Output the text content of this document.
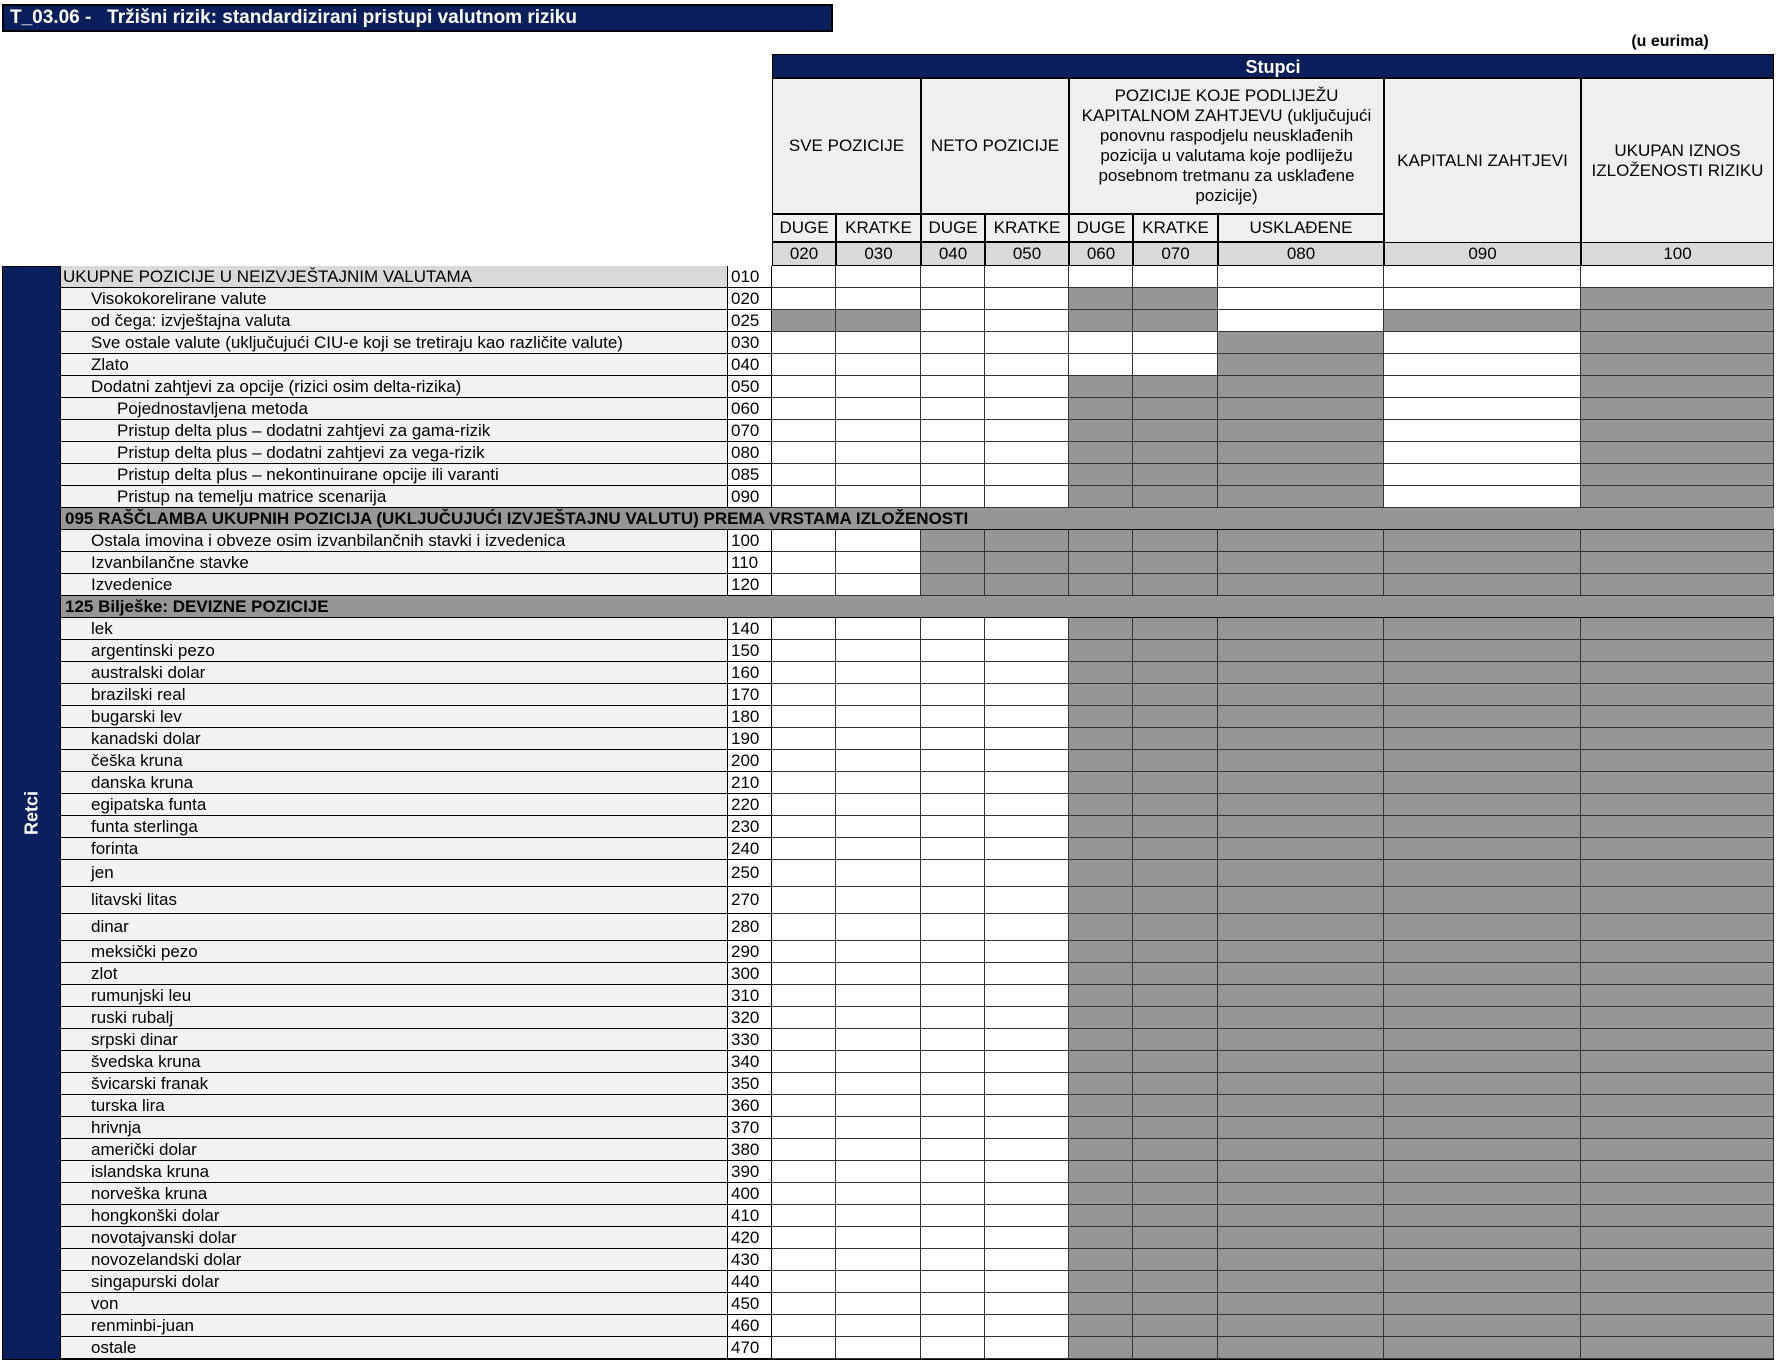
T_03.06 -   Tržišni rizik: standardizirani pristupi valutnom riziku
(u eurima)
Stupci
Retci
SVE POZICIJE	NETO POZICIJE
POZICIJE KOJE PODLIJEŽU KAPITALNOM ZAHTJEVU (uključujući ponovnu raspodjelu neusklađenih pozicija u valutama koje podliježu posebnom tretmanu za usklađene pozicije)
KAPITALNI ZAHTJEVI
UKUPAN IZNOS IZLOŽENOSTI RIZIKU
DUGE KRATKE DUGE KRATKE DUGE KRATKE	USKLAĐENE
020	030	040	050	060	070	080	090	100
UKUPNE POZICIJE U NEIZVJEŠTAJNIM VALUTAMA	010
Visokokorelirane valute	020
od čega: izvještajna valuta	025
Sve ostale valute (uključujući CIU-e koji se tretiraju kao različite valute)	030
Zlato	040
Dodatni zahtjevi za opcije (rizici osim delta-rizika)	050
Pojednostavljena metoda	060
Pristup delta plus – dodatni zahtjevi za gama-rizik	070
Pristup delta plus – dodatni zahtjevi za vega-rizik	080
Pristup delta plus – nekontinuirane opcije ili varanti	085
Pristup na temelju matrice scenarija	090
095 RAŠČLAMBA UKUPNIH POZICIJA (UKLJUČUJUĆI IZVJEŠTAJNU VALUTU) PREMA VRSTAMA IZLOŽENOSTI
Ostala imovina i obveze osim izvanbilančnih stavki i izvedenica	100
Izvanbilančne stavke	110
Izvedenice	120
125 Bilješke: DEVIZNE POZICIJE
lek	140
argentinski pezo	150
australski dolar	160
brazilski real	170
bugarski lev	180
kanadski dolar	190
češka kruna	200
danska kruna	210
egipatska funta	220
funta sterlinga	230
forinta	240
jen	250
litavski litas	270
dinar	280
meksički pezo	290
zlot	300
rumunjski leu	310
ruski rubalj	320
srpski dinar	330
švedska kruna	340
švicarski franak	350
turska lira	360
hrivnja	370
američki dolar	380
islandska kruna	390
norveška kruna	400
hongkonški dolar	410
novotajvanski dolar	420
novozelandski dolar	430
singapurski dolar	440
von	450
renminbi-juan	460
ostale	470
